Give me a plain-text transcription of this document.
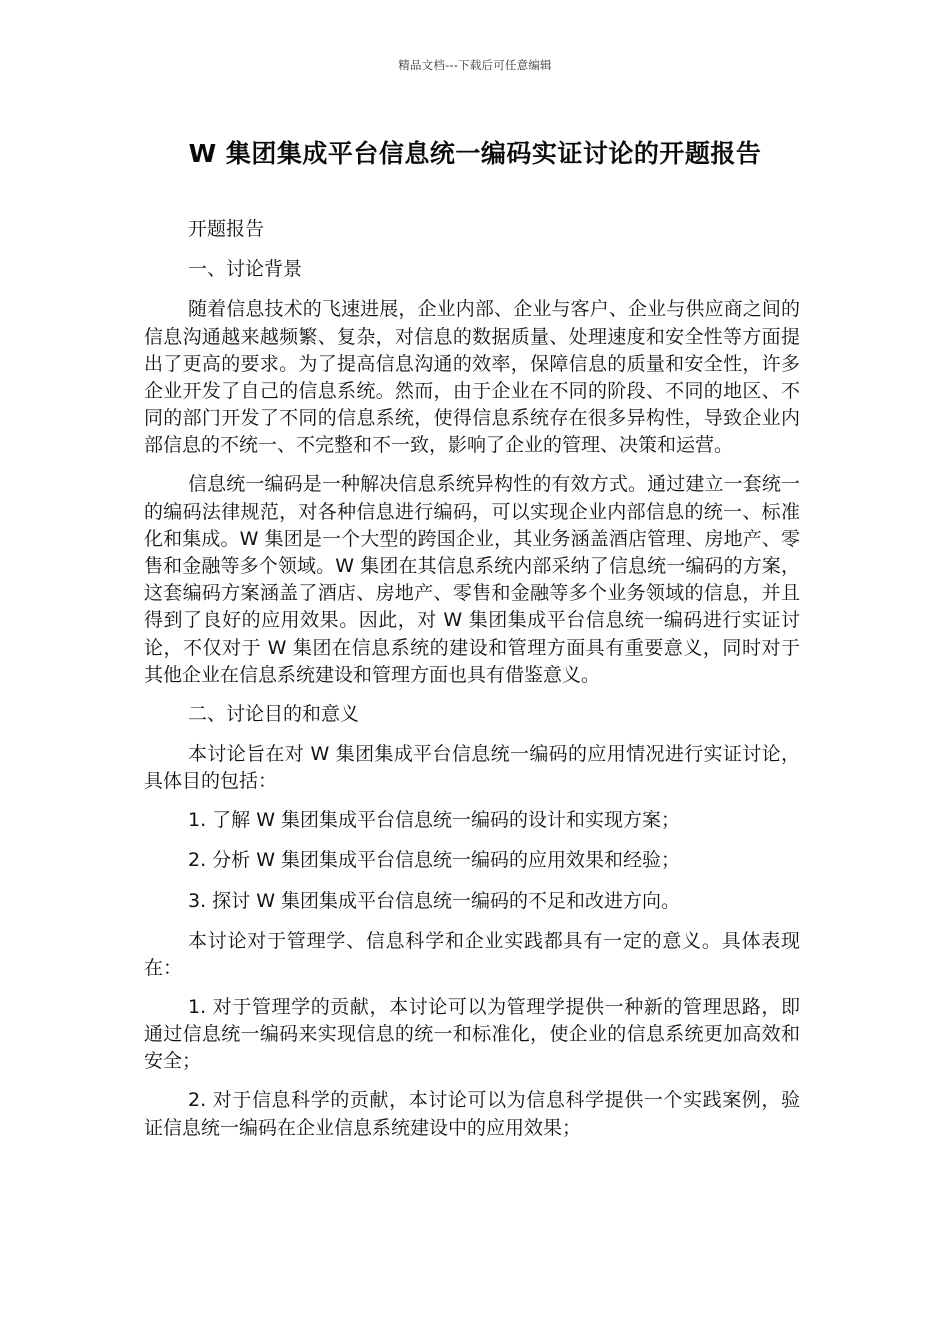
精品文档---下载后可任意编辑
W 集团集成平台信息统一编码实证讨论的开题报告

开题报告

一、讨论背景

随着信息技术的飞速进展，企业内部、企业与客户、企业与供应商之间的信息沟通越来越频繁、复杂，对信息的数据质量、处理速度和安全性等方面提出了更高的要求。为了提高信息沟通的效率，保障信息的质量和安全性，许多企业开发了自己的信息系统。然而，由于企业在不同的阶段、不同的地区、不同的部门开发了不同的信息系统，使得信息系统存在很多异构性，导致企业内部信息的不统一、不完整和不一致，影响了企业的管理、决策和运营。

信息统一编码是一种解决信息系统异构性的有效方式。通过建立一套统一的编码法律规范，对各种信息进行编码，可以实现企业内部信息的统一、标准化和集成。W 集团是一个大型的跨国企业，其业务涵盖酒店管理、房地产、零售和金融等多个领域。W 集团在其信息系统内部采纳了信息统一编码的方案，这套编码方案涵盖了酒店、房地产、零售和金融等多个业务领域的信息，并且得到了良好的应用效果。因此，对 W 集团集成平台信息统一编码进行实证讨论，不仅对于 W 集团在信息系统的建设和管理方面具有重要意义，同时对于其他企业在信息系统建设和管理方面也具有借鉴意义。

二、讨论目的和意义

本讨论旨在对 W 集团集成平台信息统一编码的应用情况进行实证讨论，具体目的包括：

1. 了解 W 集团集成平台信息统一编码的设计和实现方案；

2. 分析 W 集团集成平台信息统一编码的应用效果和经验；

3. 探讨 W 集团集成平台信息统一编码的不足和改进方向。

本讨论对于管理学、信息科学和企业实践都具有一定的意义。具体表现在：

1. 对于管理学的贡献，本讨论可以为管理学提供一种新的管理思路，即通过信息统一编码来实现信息的统一和标准化，使企业的信息系统更加高效和安全；

2. 对于信息科学的贡献，本讨论可以为信息科学提供一个实践案例，验证信息统一编码在企业信息系统建设中的应用效果；
